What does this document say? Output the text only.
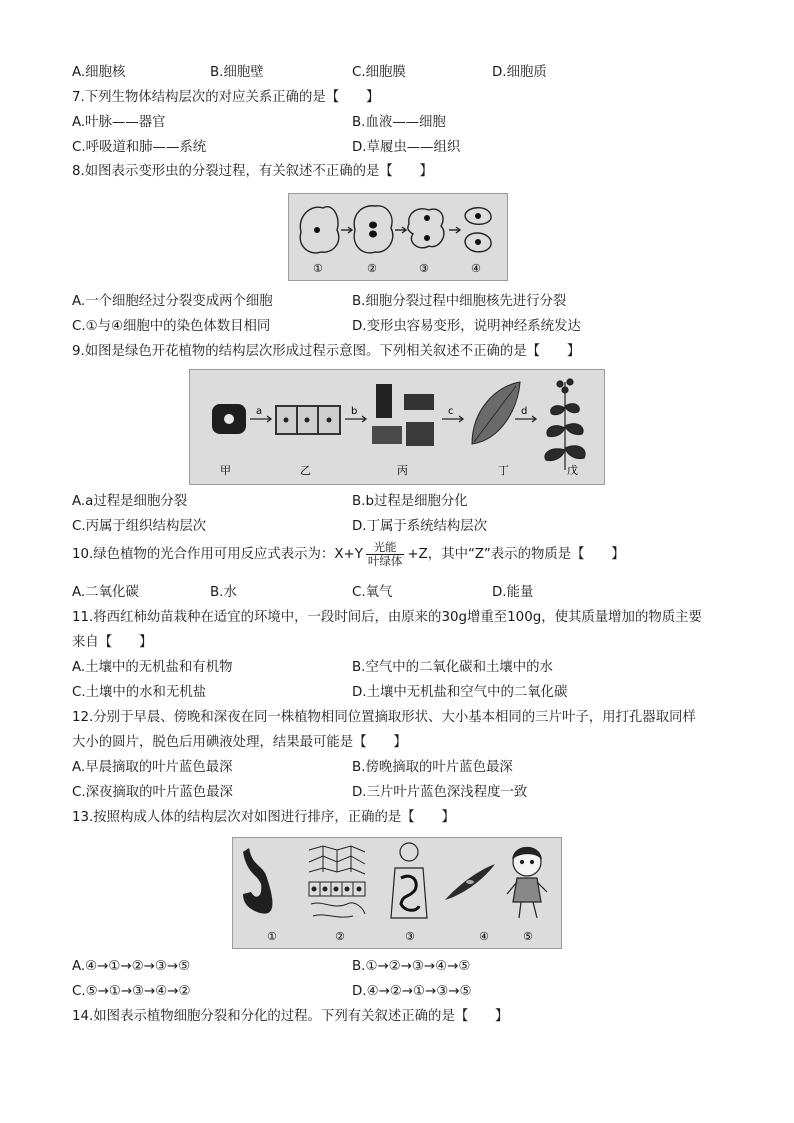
A.细胞核	B.细胞壁	C.细胞膜	D.细胞质
7.下列生物体结构层次的对应关系正确的是【　　】
A.叶脉——器官	B.血液——细胞
C.呼吸道和肺——系统	D.草履虫——组织
8.如图表示变形虫的分裂过程，有关叙述不正确的是【　　】
①	②	③	④
A.一个细胞经过分裂变成两个细胞	B.细胞分裂过程中细胞核先进行分裂
C.①与④细胞中的染色体数目相同	D.变形虫容易变形，说明神经系统发达
9.如图是绿色开花植物的结构层次形成过程示意图。下列相关叙述不正确的是【　　】
a	b	c	d
甲	乙	丙	丁	戊
A.a过程是细胞分裂	B.b过程是细胞分化
C.丙属于组织结构层次	D.丁属于系统结构层次
10.绿色植物的光合作用可用反应式表示为：$X+Y \frac{\text{光能}}{\text{叶绿体}} +Z$，其中“Z”表示的物质是【　　】
A.二氧化碳	B.水	C.氧气	D.能量
11.将西红柿幼苗栽种在适宜的环境中，一段时间后，由原来的30g增重至100g，使其质量增加的物质主要
来自【　　】
A.土壤中的无机盐和有机物	B.空气中的二氧化碳和土壤中的水
C.土壤中的水和无机盐	D.土壤中无机盐和空气中的二氧化碳
12.分别于早晨、傍晚和深夜在同一株植物相同位置摘取形状、大小基本相同的三片叶子，用打孔器取同样
大小的圆片，脱色后用碘液处理，结果最可能是【　　】
A.早晨摘取的叶片蓝色最深	B.傍晚摘取的叶片蓝色最深
C.深夜摘取的叶片蓝色最深	D.三片叶片蓝色深浅程度一致
13.按照构成人体的结构层次对如图进行排序，正确的是【　　】
①	②	③	④	⑤
A.④→①→②→③→⑤	B.①→②→③→④→⑤
C.⑤→①→③→④→②	D.④→②→①→③→⑤
14.如图表示植物细胞分裂和分化的过程。下列有关叙述正确的是【　　】
